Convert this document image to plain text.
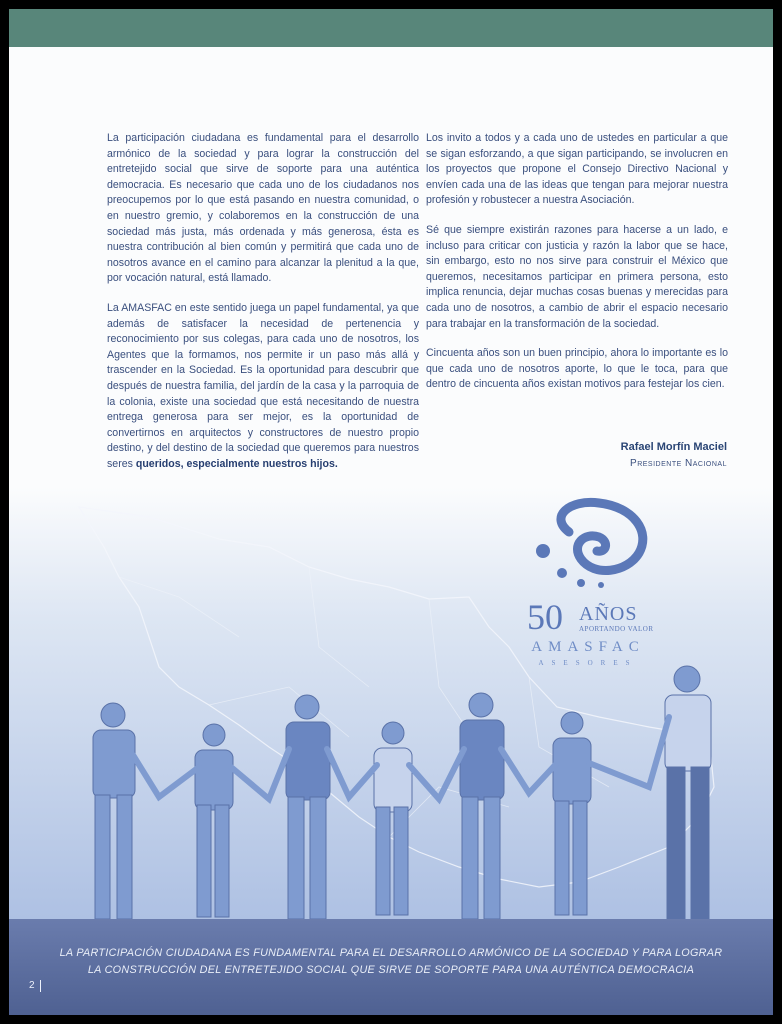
La participación ciudadana es fundamental para el desarrollo armónico de la sociedad y para lograr la construcción del entretejido social que sirve de soporte para una auténtica democracia. Es necesario que cada uno de los ciudadanos nos preocupemos por lo que está pasando en nuestra comunidad, o en nuestro gremio, y colaboremos en la construcción de una sociedad más justa, más ordenada y más generosa, ésta es nuestra contribución al bien común y permitirá que cada uno de nosotros avance en el camino para alcanzar la plenitud a la que, por vocación natural, está llamado.

La AMASFAC en este sentido juega un papel fundamental, ya que además de satisfacer la necesidad de pertenencia y reconocimiento por sus colegas, para cada uno de nosotros, los Agentes que la formamos, nos permite ir un paso más allá y trascender en la Sociedad. Es la oportunidad para descubrir que después de nuestra familia, del jardín de la casa y la parroquia de la colonia, existe una sociedad que está necesitando de nuestra entrega generosa para ser mejor, es la oportunidad de convertirnos en arquitectos y constructores de nuestro propio destino, y del destino de la sociedad que queremos para nuestros seres queridos, especialmente nuestros hijos.

Los invito a todos y a cada uno de ustedes en particular a que se sigan esforzando, a que sigan participando, se involucren en los proyectos que propone el Consejo Directivo Nacional y envíen cada una de las ideas que tengan para mejorar nuestra profesión y robustecer a nuestra Asociación.

Sé que siempre existirán razones para hacerse a un lado, e incluso para criticar con justicia y razón la labor que se hace, sin embargo, esto no nos sirve para construir el México que queremos, necesitamos participar en primera persona, esto implica renuncia, dejar muchas cosas buenas y merecidas para cada uno de nosotros, a cambio de abrir el espacio necesario para trabajar en la transformación de la sociedad.

Cincuenta años son un buen principio, ahora lo importante es lo que cada uno de nosotros aporte, lo que le toca, para que dentro de cincuenta años existan motivos para festejar los cien.

Rafael Morfín Maciel
Presidente Nacional
50 AÑOS
APORTANDO VALOR
AMASFAC
ASESORES
LA PARTICIPACIÓN CIUDADANA ES FUNDAMENTAL PARA EL DESARROLLO ARMÓNICO DE LA SOCIEDAD Y PARA LOGRAR
LA CONSTRUCCIÓN DEL ENTRETEJIDO SOCIAL QUE SIRVE DE SOPORTE PARA UNA AUTÉNTICA DEMOCRACIA
2
